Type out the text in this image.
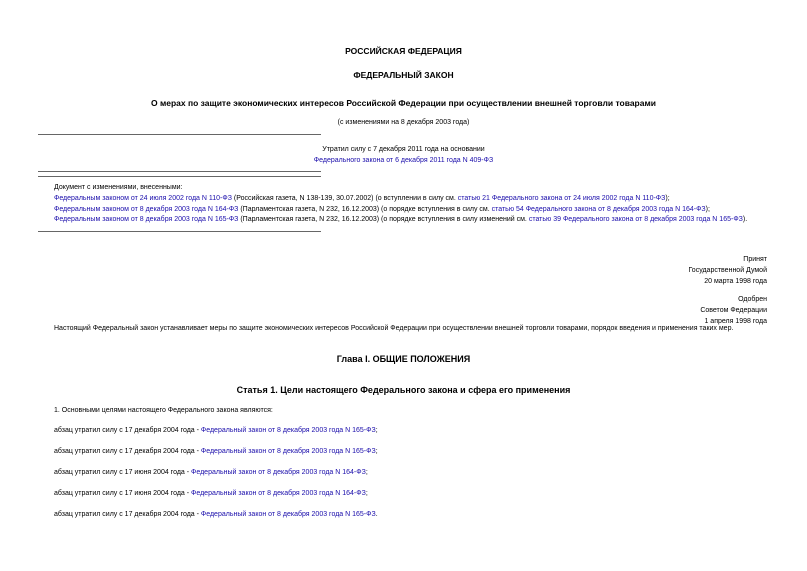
РОССИЙСКАЯ ФЕДЕРАЦИЯ
ФЕДЕРАЛЬНЫЙ ЗАКОН
О мерах по защите экономических интересов Российской Федерации при осуществлении внешней торговли товарами
(с изменениями на 8 декабря 2003 года)
Утратил силу с 7 декабря 2011 года на основании
Федерального закона от 6 декабря 2011 года N 409-ФЗ
Документ с изменениями, внесенными:
Федеральным законом от 24 июля 2002 года N 110-ФЗ (Российская газета, N 138-139, 30.07.2002) (о вступлении в силу см. статью 21 Федерального закона от 24 июля 2002 года N 110-ФЗ);
Федеральным законом от 8 декабря 2003 года N 164-ФЗ (Парламентская газета, N 232, 16.12.2003) (о порядке вступления в силу см. статью 54 Федерального закона от 8 декабря 2003 года N 164-ФЗ);
Федеральным законом от 8 декабря 2003 года N 165-ФЗ (Парламентская газета, N 232, 16.12.2003) (о порядке вступления в силу изменений см. статью 39 Федерального закона от 8 декабря 2003 года N 165-ФЗ).
Принят
Государственной Думой
20 марта 1998 года
Одобрен
Советом Федерации
1 апреля 1998 года
Настоящий Федеральный закон устанавливает меры по защите экономических интересов Российской Федерации при осуществлении внешней торговли товарами, порядок введения и применения таких мер.
Глава I. ОБЩИЕ ПОЛОЖЕНИЯ
Статья 1. Цели настоящего Федерального закона и сфера его применения
1. Основными целями настоящего Федерального закона являются:
абзац утратил силу с 17 декабря 2004 года - Федеральный закон от 8 декабря 2003 года N 165-ФЗ;
абзац утратил силу с 17 декабря 2004 года - Федеральный закон от 8 декабря 2003 года N 165-ФЗ;
абзац утратил силу с 17 июня 2004 года - Федеральный закон от 8 декабря 2003 года N 164-ФЗ;
абзац утратил силу с 17 июня 2004 года - Федеральный закон от 8 декабря 2003 года N 164-ФЗ;
абзац утратил силу с 17 декабря 2004 года - Федеральный закон от 8 декабря 2003 года N 165-ФЗ.
